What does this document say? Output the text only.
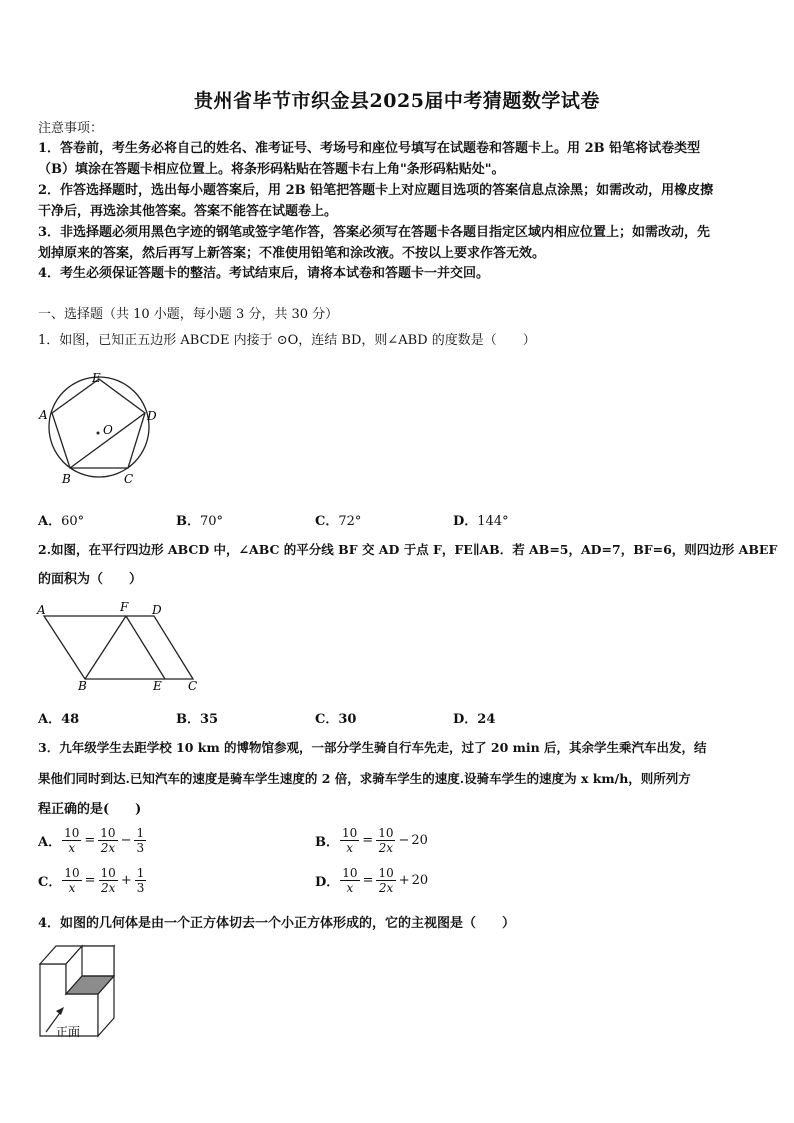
贵州省毕节市织金县2025届中考猜题数学试卷
注意事项：
1．答卷前，考生务必将自己的姓名、准考证号、考场号和座位号填写在试题卷和答题卡上。用 2B 铅笔将试卷类型
（B）填涂在答题卡相应位置上。将条形码粘贴在答题卡右上角"条形码粘贴处"。
2．作答选择题时，选出每小题答案后，用 2B 铅笔把答题卡上对应题目选项的答案信息点涂黑；如需改动，用橡皮擦
干净后，再选涂其他答案。答案不能答在试题卷上。
3．非选择题必须用黑色字迹的钢笔或签字笔作答，答案必须写在答题卡各题目指定区域内相应位置上；如需改动，先
划掉原来的答案，然后再写上新答案；不准使用铅笔和涂改液。不按以上要求作答无效。
4．考生必须保证答题卡的整洁。考试结束后，请将本试卷和答题卡一并交回。
一、选择题（共 10 小题，每小题 3 分，共 30 分）
1．如图，已知正五边形 ABCDE 内接于 ⊙O，连结 BD，则∠ABD 的度数是（　　）
E
A	D
O
B	C
A．60°	B．70°	C．72°	D．144°
2.如图，在平行四边形 ABCD 中，∠ABC 的平分线 BF 交 AD 于点 F，FE∥AB．若 AB=5，AD=7，BF=6，则四边形 ABEF
的面积为（　　）
A	F D
B	E C
A．48	B．35	C．30	D．24
3．九年级学生去距学校 10 km 的博物馆参观，一部分学生骑自行车先走，过了 20 min 后，其余学生乘汽车出发，结
果他们同时到达.已知汽车的速度是骑车学生速度的 2 倍，求骑车学生的速度.设骑车学生的速度为 x km/h，则所列方
程正确的是(　　)
A． $\frac{10}{x} = \frac{10}{2x} - \frac{1}{3}$	B． $\frac{10}{x} = \frac{10}{2x} - 20$
C． $\frac{10}{x} = \frac{10}{2x} + \frac{1}{3}$	D． $\frac{10}{x} = \frac{10}{2x} + 20$
4．如图的几何体是由一个正方体切去一个小正方体形成的，它的主视图是（　　）
正面
